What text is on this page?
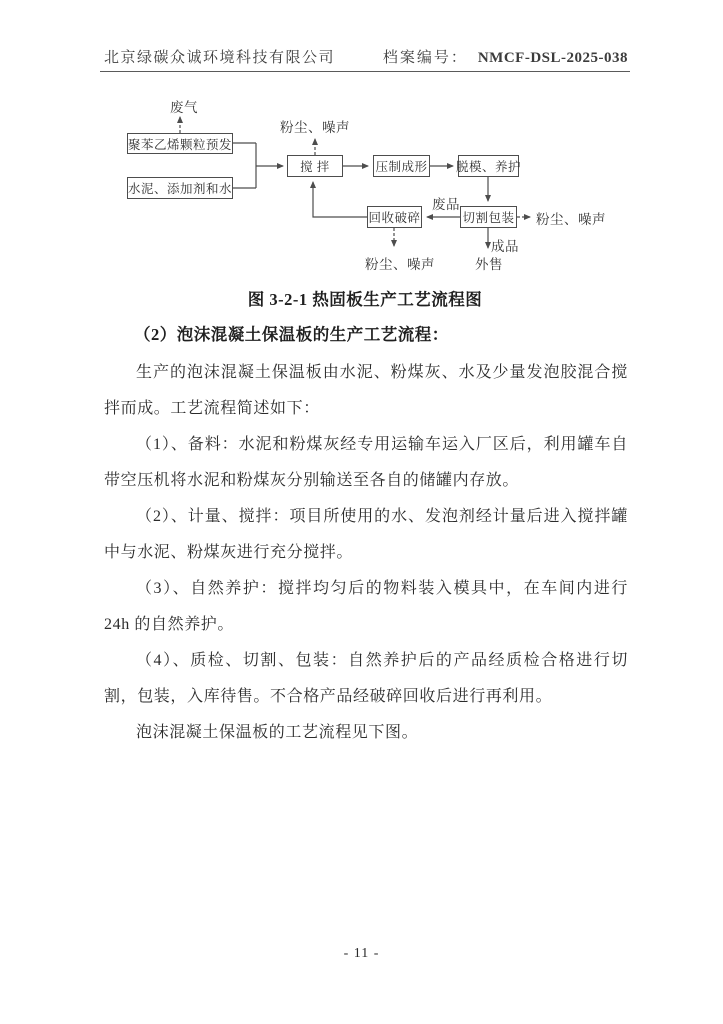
北京绿碳众诚环境科技有限公司	档案编号： NMCF-DSL-2025-038
聚苯乙烯颗粒预发
水泥、添加剂和水
搅 拌	压制成形 脱模、养护
切割包装
回收破碎
废气
粉尘、噪声
废品
粉尘、噪声
成品
外售
粉尘、噪声
图 3-2-1 热固板生产工艺流程图
（2）泡沫混凝土保温板的生产工艺流程：

生产的泡沫混凝土保温板由水泥、粉煤灰、水及少量发泡胶混合搅拌而成。工艺流程简述如下：

（1）、备料：水泥和粉煤灰经专用运输车运入厂区后，利用罐车自带空压机将水泥和粉煤灰分别输送至各自的储罐内存放。

（2）、计量、搅拌：项目所使用的水、发泡剂经计量后进入搅拌罐中与水泥、粉煤灰进行充分搅拌。

（3）、自然养护：搅拌均匀后的物料装入模具中，在车间内进行 24h 的自然养护。

（4）、质检、切割、包装：自然养护后的产品经质检合格进行切割，包装，入库待售。不合格产品经破碎回收后进行再利用。

泡沫混凝土保温板的工艺流程见下图。

- 11 -
